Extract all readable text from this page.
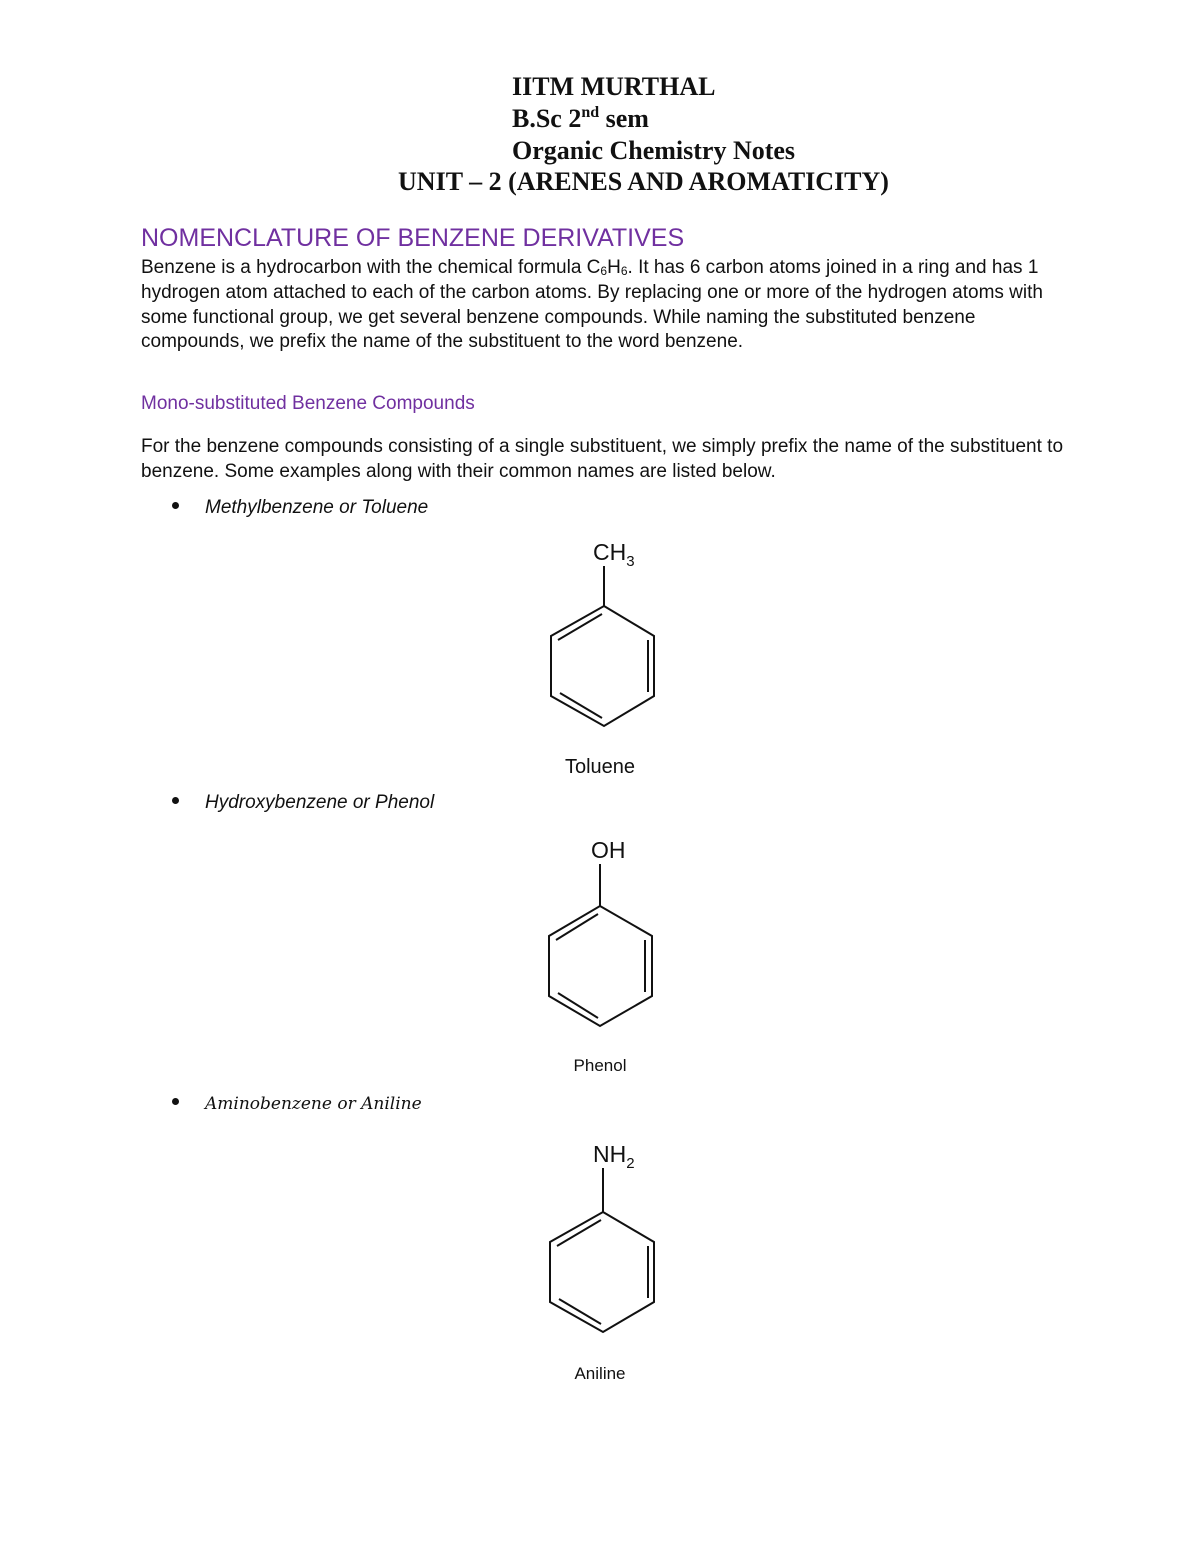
IITM MURTHAL
B.Sc 2nd sem
Organic Chemistry Notes
UNIT – 2 (ARENES AND AROMATICITY)
NOMENCLATURE OF BENZENE DERIVATIVES

Benzene is a hydrocarbon with the chemical formula $C_6H_6$. It has 6 carbon atoms joined in a ring and has 1 hydrogen atom attached to each of the carbon atoms. By replacing one or more of the hydrogen atoms with some functional group, we get several benzene compounds. While naming the substituted benzene compounds, we prefix the name of the substituent to the word benzene.

Mono-substituted Benzene Compounds

For the benzene compounds consisting of a single substituent, we simply prefix the name of the substituent to benzene. Some examples along with their common names are listed below.

Methylbenzene or Toluene
$CH_3$
Toluene
Hydroxybenzene or Phenol
OH
Phenol
Aminobenzene or Aniline
$NH_2$
Aniline
